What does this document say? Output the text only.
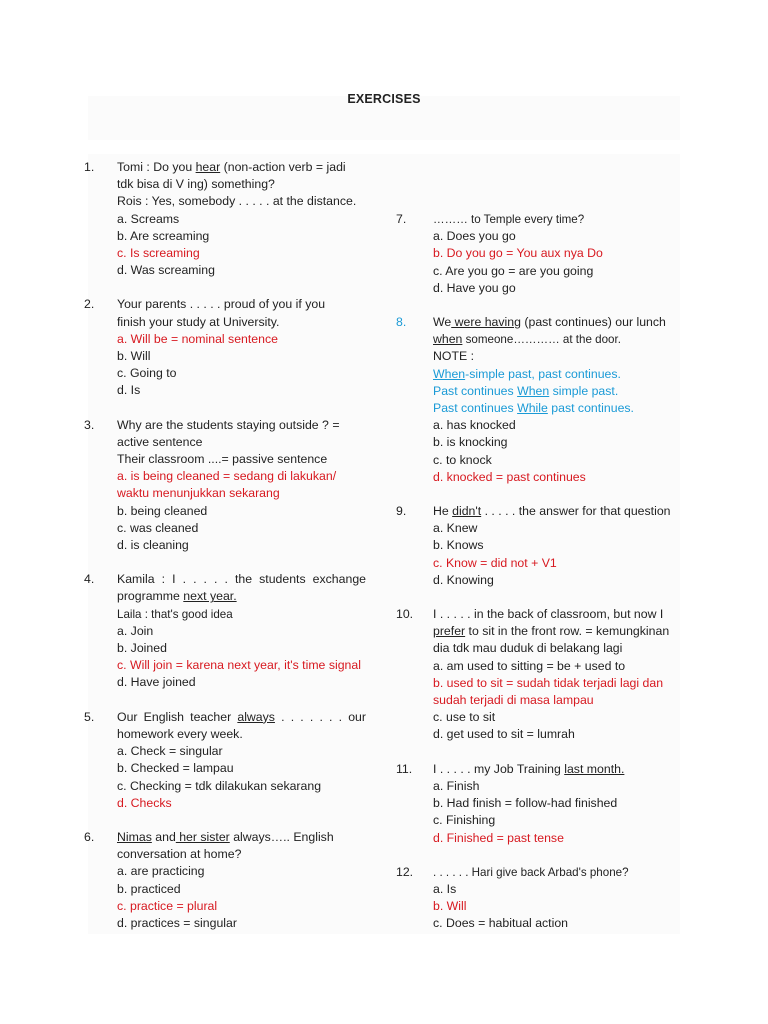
EXERCISES
1. Tomi : Do you hear (non-action verb = jadi
tdk bisa di V ing) something?
Rois : Yes, somebody . . . . . at the distance.
a. Screams
b. Are screaming
c. Is screaming
d. Was screaming
2. Your parents . . . . . proud of you if you
finish your study at University.
a. Will be = nominal sentence
b. Will
c. Going to
d. Is
3. Why are the students staying outside ? =
active sentence
Their classroom ....= passive sentence
a. is being cleaned = sedang di lakukan/
waktu menunjukkan sekarang
b. being cleaned
c. was cleaned
d. is cleaning
4. Kamila : I . . . . . the students exchange
programme next year.
Laila : that's good idea
a. Join
b. Joined
c. Will join = karena next year, it's time signal
d. Have joined
5. Our English teacher always . . . . . . . our
homework every week.
a. Check = singular
b. Checked = lampau
c. Checking = tdk dilakukan sekarang
d. Checks
6. Nimas and her sister always….. English
conversation at home?
a. are practicing
b. practiced
c. practice = plural
d. practices = singular
7. ……… to Temple every time?
a. Does you go
b. Do you go = You aux nya Do
c. Are you go = are you going
d. Have you go
8. We were having (past continues) our lunch
when someone………… at the door.
NOTE :
When-simple past, past continues.
Past continues When simple past.
Past continues While past continues.
a. has knocked
b. is knocking
c. to knock
d. knocked = past continues
9. He didn't . . . . . the answer for that question
a. Knew
b. Knows
c. Know = did not + V1
d. Knowing
10. I . . . . . in the back of classroom, but now I
prefer to sit in the front row. = kemungkinan
dia tdk mau duduk di belakang lagi
a. am used to sitting = be + used to
b. used to sit = sudah tidak terjadi lagi dan
sudah terjadi di masa lampau
c. use to sit
d. get used to sit = lumrah
11. I . . . . . my Job Training last month.
a. Finish
b. Had finish = follow-had finished
c. Finishing
d. Finished = past tense
12. . . . . . . Hari give back Arbad's phone?
a. Is
b. Will
c. Does = habitual action
